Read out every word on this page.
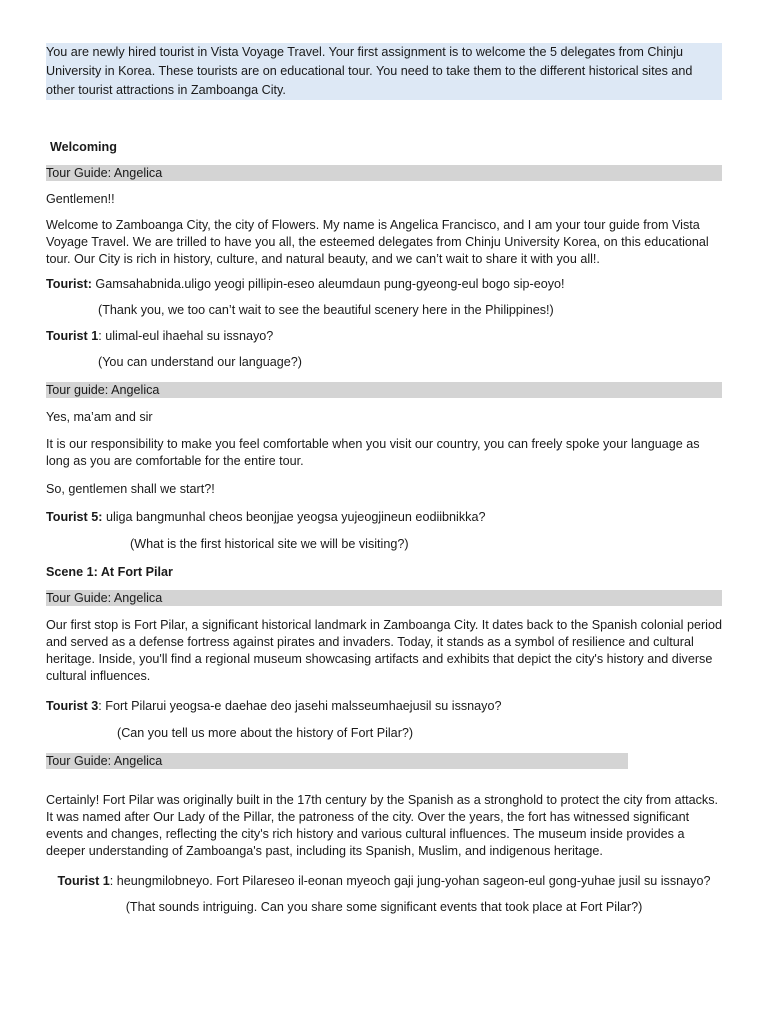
You are newly hired tourist in Vista Voyage Travel. Your first assignment is to welcome the 5 delegates from Chinju University in Korea. These tourists are on educational tour. You need to take them to the different historical sites and other tourist attractions in Zamboanga City.

Welcoming

Tour Guide: Angelica

Gentlemen!!

Welcome to Zamboanga City, the city of Flowers. My name is Angelica Francisco, and I am your tour guide from Vista Voyage Travel. We are trilled to have you all, the esteemed delegates from Chinju University Korea, on this educational tour. Our City is rich in history, culture, and natural beauty, and we can’t wait to share it with you all!.

Tourist: Gamsahabnida.uligo yeogi pillipin-eseo aleumdaun pung-gyeong-eul bogo sip-eoyo!

(Thank you, we too can’t wait to see the beautiful scenery here in the Philippines!)

Tourist 1: ulimal-eul ihaehal su issnayo?

(You can understand our language?)

Tour guide: Angelica

Yes, ma’am and sir

It is our responsibility to make you feel comfortable when you visit our country, you can freely spoke your language as long as you are comfortable for the entire tour.

So, gentlemen shall we start?!

Tourist 5: uliga bangmunhal cheos beonjjae yeogsa yujeogjineun eodiibnikka?

(What is the first historical site we will be visiting?)

Scene 1: At Fort Pilar

Tour Guide: Angelica

Our first stop is Fort Pilar, a significant historical landmark in Zamboanga City. It dates back to the Spanish colonial period and served as a defense fortress against pirates and invaders. Today, it stands as a symbol of resilience and cultural heritage. Inside, you'll find a regional museum showcasing artifacts and exhibits that depict the city's history and diverse cultural influences.

Tourist 3: Fort Pilarui yeogsa-e daehae deo jasehi malsseumhaejusil su issnayo?

(Can you tell us more about the history of Fort Pilar?)

Tour Guide: Angelica

Certainly! Fort Pilar was originally built in the 17th century by the Spanish as a stronghold to protect the city from attacks. It was named after Our Lady of the Pillar, the patroness of the city. Over the years, the fort has witnessed significant events and changes, reflecting the city's rich history and various cultural influences. The museum inside provides a deeper understanding of Zamboanga's past, including its Spanish, Muslim, and indigenous heritage.

Tourist 1: heungmilobneyo. Fort Pilareseo il-eonan myeoch gaji jung-yohan sageon-eul gong-yuhae jusil su issnayo?

(That sounds intriguing. Can you share some significant events that took place at Fort Pilar?)
